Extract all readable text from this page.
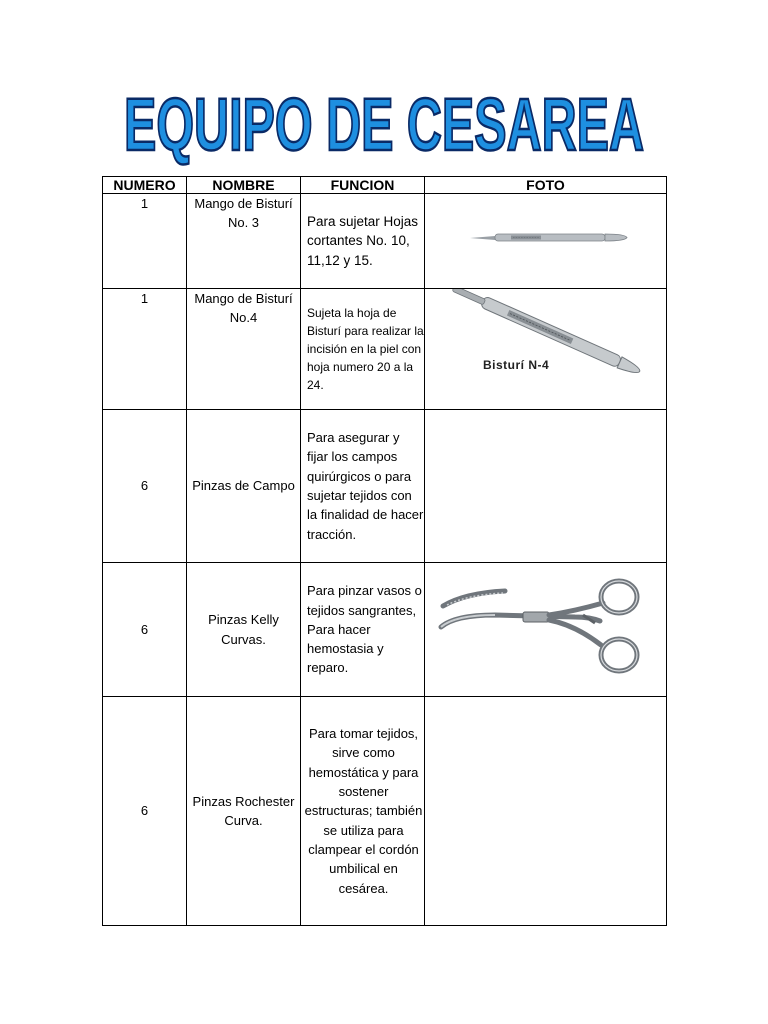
EQUIPO DE CESAREA
NUMERO	NOMBRE	FUNCION	FOTO
1	Mango de Bisturí No. 3	Para sujetar Hojas cortantes No. 10, 11,12 y 15.	

1	Mango de Bisturí No.4	Sujeta la hoja de Bisturí para realizar la incisión en la piel con hoja numero 20 a la 24.	Bisturí N-4

6	Pinzas de Campo	Para asegurar y fijar los campos quirúrgicos o para sujetar tejidos con la finalidad de hacer tracción.	
6	Pinzas Kelly Curvas.	Para pinzar vasos o tejidos sangrantes, Para hacer hemostasia y reparo.	

6	Pinzas Rochester Curva.	Para tomar tejidos, sirve como hemostática y para sostener estructuras; también se utiliza para clampear el cordón umbilical en cesárea.	
